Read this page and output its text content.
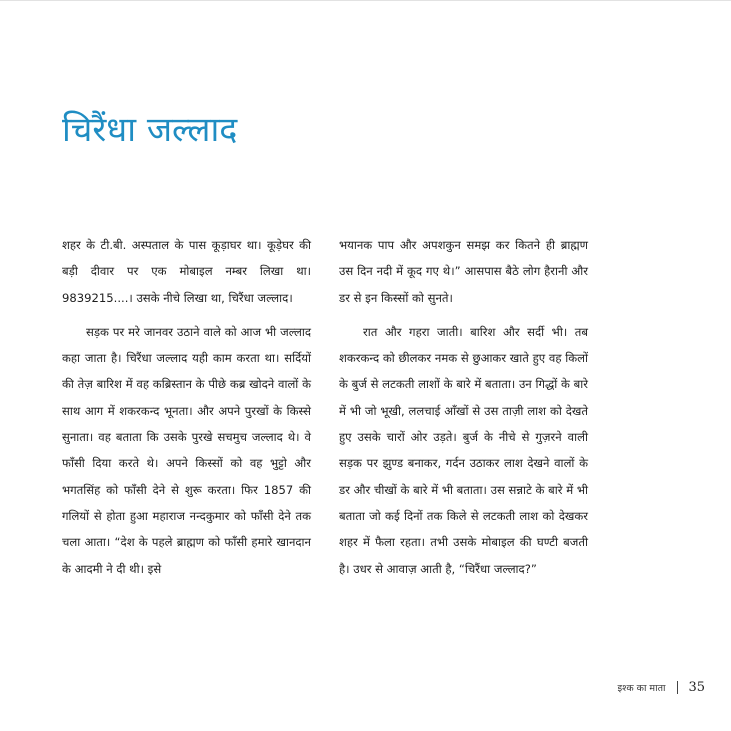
चिरैंधा जल्लाद

शहर के टी.बी. अस्पताल के पास कूड़ाघर था। कूड़ेघर की बड़ी दीवार पर एक मोबाइल नम्बर लिखा था। 9839215....। उसके नीचे लिखा था, चिरैंधा जल्लाद।

सड़क पर मरे जानवर उठाने वाले को आज भी जल्लाद कहा जाता है। चिरैंधा जल्लाद यही काम करता था। सर्दियों की तेज़ बारिश में वह कब्रिस्तान के पीछे कब्र खोदने वालों के साथ आग में शकरकन्द भूनता। और अपने पुरखों के किस्से सुनाता। वह बताता कि उसके पुरखे सचमुच जल्लाद थे। वे फाँसी दिया करते थे। अपने किस्सों को वह भुट्टो और भगतसिंह को फाँसी देने से शुरू करता। फिर 1857 की गलियों से होता हुआ महाराज नन्दकुमार को फाँसी देने तक चला आता। “देश के पहले ब्राह्मण को फाँसी हमारे खानदान के आदमी ने दी थी। इसे

भयानक पाप और अपशकुन समझ कर कितने ही ब्राह्मण उस दिन नदी में कूद गए थे।” आसपास बैठे लोग हैरानी और डर से इन किस्सों को सुनते।

रात और गहरा जाती। बारिश और सर्दी भी। तब शकरकन्द को छीलकर नमक से छुआकर खाते हुए वह किलों के बुर्ज से लटकती लाशों के बारे में बताता। उन गिद्धों के बारे में भी जो भूखी, ललचाई आँखों से उस ताज़ी लाश को देखते हुए उसके चारों ओर उड़ते। बुर्ज के नीचे से गुज़रने वाली सड़क पर झुण्ड बनाकर, गर्दन उठाकर लाश देखने वालों के डर और चीखों के बारे में भी बताता। उस सन्नाटे के बारे में भी बताता जो कई दिनों तक किले से लटकती लाश को देखकर शहर में फैला रहता। तभी उसके मोबाइल की घण्टी बजती है। उधर से आवाज़ आती है, “चिरैंधा जल्लाद?”

इश्क का माता 35
